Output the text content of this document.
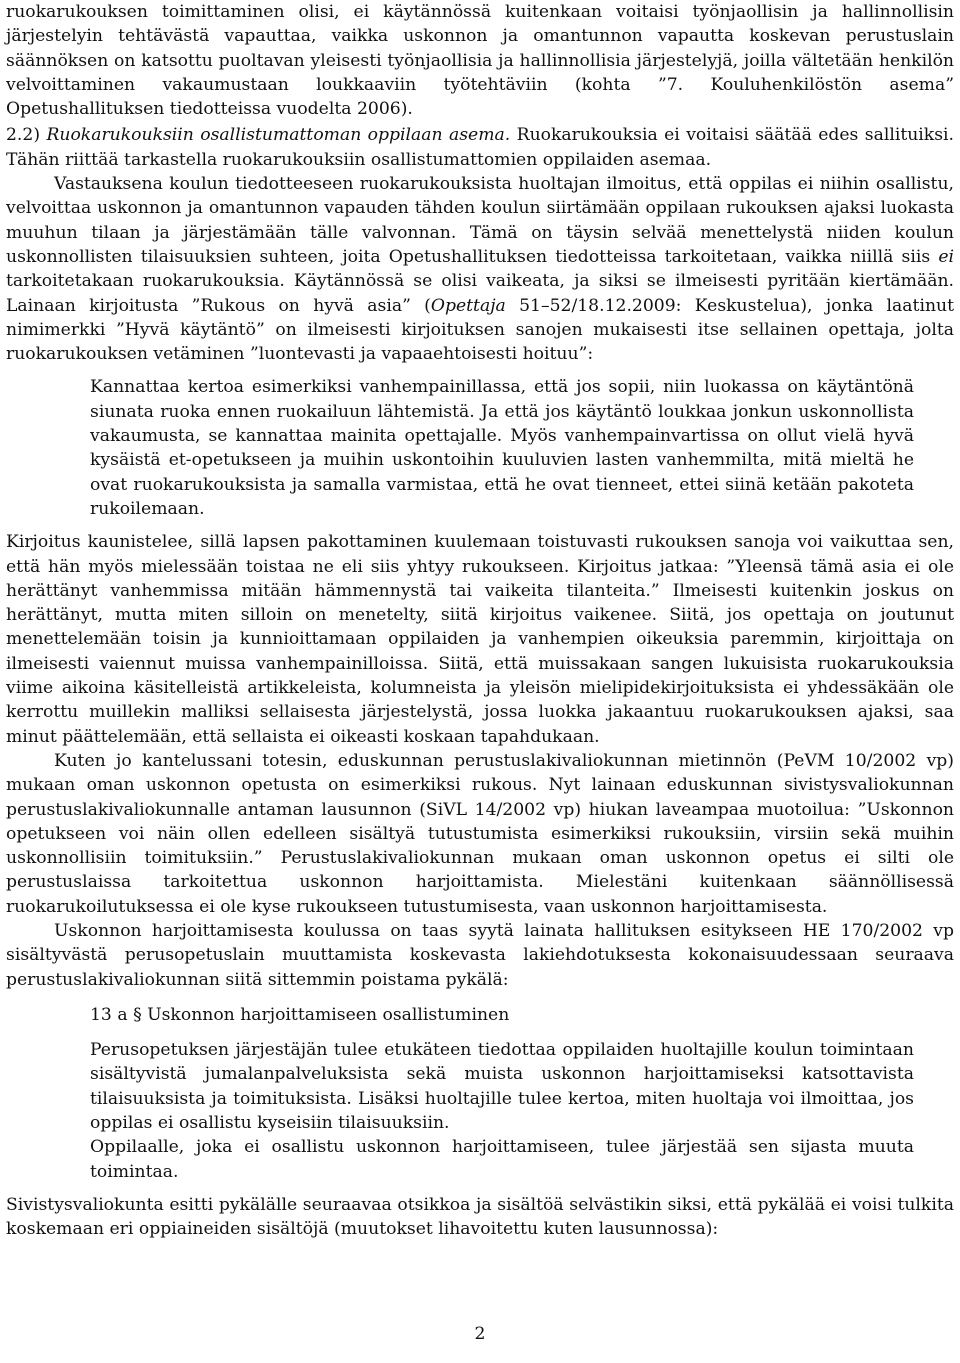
ruokarukouksen toimittaminen olisi, ei käytännössä kuitenkaan voitaisi työnjaollisin ja hallinnollisin järjestelyin tehtävästä vapauttaa, vaikka uskonnon ja omantunnon vapautta koskevan perustuslain säännöksen on katsottu puoltavan yleisesti työnjaollisia ja hallinnollisia järjestelyjä, joilla vältetään henkilön velvoittaminen vakaumustaan loukkaaviin työtehtäviin (kohta ”7. Kouluhenkilöstön asema” Opetushallituksen tiedotteissa vuodelta 2006).

2.2) Ruokarukouksiin osallistumattoman oppilaan asema. Ruokarukouksia ei voitaisi säätää edes sallituiksi. Tähän riittää tarkastella ruokarukouksiin osallistumattomien oppilaiden asemaa.

Vastauksena koulun tiedotteeseen ruokarukouksista huoltajan ilmoitus, että oppilas ei niihin osallistu, velvoittaa uskonnon ja omantunnon vapauden tähden koulun siirtämään oppilaan rukouksen ajaksi luokasta muuhun tilaan ja järjestämään tälle valvonnan. Tämä on täysin selvää menettelystä niiden koulun uskonnollisten tilaisuuksien suhteen, joita Opetushallituksen tiedotteissa tarkoitetaan, vaikka niillä siis ei tarkoitetakaan ruokarukouksia. Käytännössä se olisi vaikeata, ja siksi se ilmeisesti pyritään kiertämään. Lainaan kirjoitusta ”Rukous on hyvä asia” (Opettaja 51–52/18.12.2009: Keskustelua), jonka laatinut nimimerkki ”Hyvä käytäntö” on ilmeisesti kirjoituksen sanojen mukaisesti itse sellainen opettaja, jolta ruokarukouksen vetäminen ”luontevasti ja vapaaehtoisesti hoituu”:

Kannattaa kertoa esimerkiksi vanhempainillassa, että jos sopii, niin luokassa on käytäntönä siunata ruoka ennen ruokailuun lähtemistä. Ja että jos käytäntö loukkaa jonkun uskonnollista vakaumusta, se kannattaa mainita opettajalle. Myös vanhempainvartissa on ollut vielä hyvä kysäistä et-opetukseen ja muihin uskontoihin kuuluvien lasten vanhemmilta, mitä mieltä he ovat ruokarukouksista ja samalla varmistaa, että he ovat tienneet, ettei siinä ketään pakoteta rukoilemaan.

Kirjoitus kaunistelee, sillä lapsen pakottaminen kuulemaan toistuvasti rukouksen sanoja voi vaikuttaa sen, että hän myös mielessään toistaa ne eli siis yhtyy rukoukseen. Kirjoitus jatkaa: ”Yleensä tämä asia ei ole herättänyt vanhemmissa mitään hämmennystä tai vaikeita tilanteita.” Ilmeisesti kuitenkin joskus on herättänyt, mutta miten silloin on menetelty, siitä kirjoitus vaikenee. Siitä, jos opettaja on joutunut menettelemään toisin ja kunnioittamaan oppilaiden ja vanhempien oikeuksia paremmin, kirjoittaja on ilmeisesti vaiennut muissa vanhempainilloissa. Siitä, että muissakaan sangen lukuisista ruokarukouksia viime aikoina käsitelleistä artikkeleista, kolumneista ja yleisön mielipidekirjoituksista ei yhdessäkään ole kerrottu muillekin malliksi sellaisesta järjestelystä, jossa luokka jakaantuu ruokarukouksen ajaksi, saa minut päättelemään, että sellaista ei oikeasti koskaan tapahdukaan.

Kuten jo kantelussani totesin, eduskunnan perustuslakivaliokunnan mietinnön (PeVM 10/2002 vp) mukaan oman uskonnon opetusta on esimerkiksi rukous. Nyt lainaan eduskunnan sivistysvaliokunnan perustuslakivaliokunnalle antaman lausunnon (SiVL 14/2002 vp) hiukan laveampaa muotoilua: ”Uskonnon opetukseen voi näin ollen edelleen sisältyä tutustumista esimerkiksi rukouksiin, virsiin sekä muihin uskonnollisiin toimituksiin.” Perustuslakivaliokunnan mukaan oman uskonnon opetus ei silti ole perustuslaissa tarkoitettua uskonnon harjoittamista. Mielestäni kuitenkaan säännöllisessä ruokarukoilutuksessa ei ole kyse rukoukseen tutustumisesta, vaan uskonnon harjoittamisesta.

Uskonnon harjoittamisesta koulussa on taas syytä lainata hallituksen esitykseen HE 170/2002 vp sisältyvästä perusopetuslain muuttamista koskevasta lakiehdotuksesta kokonaisuudessaan seuraava perustuslakivaliokunnan siitä sittemmin poistama pykälä:

13 a § Uskonnon harjoittamiseen osallistuminen

Perusopetuksen järjestäjän tulee etukäteen tiedottaa oppilaiden huoltajille koulun toimintaan sisältyvistä jumalanpalveluksista sekä muista uskonnon harjoittamiseksi katsottavista tilaisuuksista ja toimituksista. Lisäksi huoltajille tulee kertoa, miten huoltaja voi ilmoittaa, jos oppilas ei osallistu kyseisiin tilaisuuksiin.

Oppilaalle, joka ei osallistu uskonnon harjoittamiseen, tulee järjestää sen sijasta muuta toimintaa.

Sivistysvaliokunta esitti pykälälle seuraavaa otsikkoa ja sisältöä selvästikin siksi, että pykälää ei voisi tulkita koskemaan eri oppiaineiden sisältöjä (muutokset lihavoitettu kuten lausunnossa):

2
